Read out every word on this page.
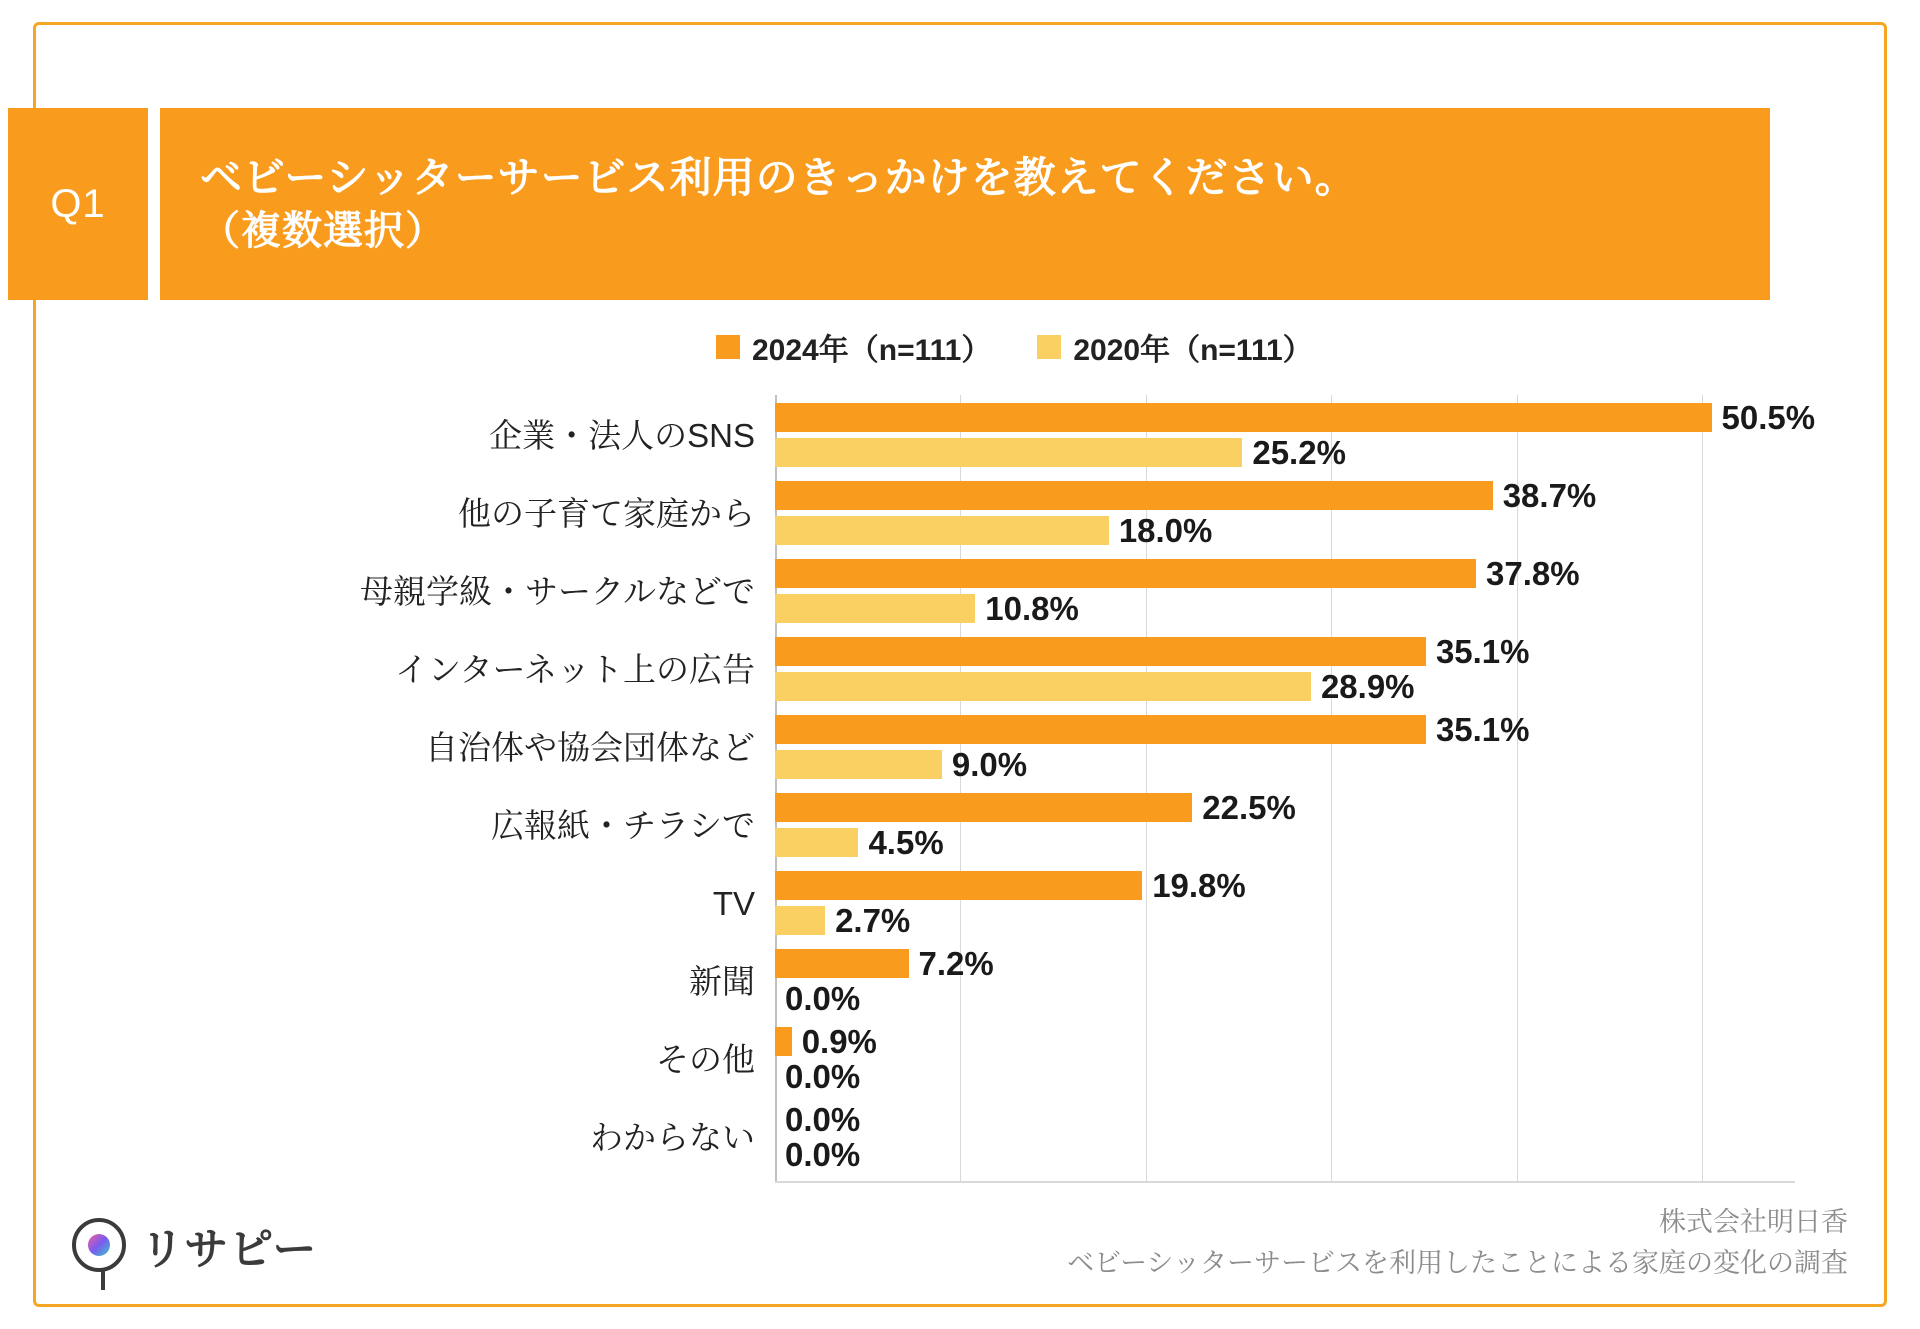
Q1
ベビーシッターサービス利用のきっかけを教えてください。
（複数選択）
2024年（n=111）	2020年（n=111）
企業・法人のSNS	50.5%
25.2%
他の子育て家庭から	38.7%
18.0%
母親学級・サークルなどで	37.8%
10.8%
インターネット上の広告	35.1%
28.9%
自治体や協会団体など	35.1%
9.0%
広報紙・チラシで	22.5%
4.5%
TV	19.8%
2.7%
新聞	7.2%
0.0%
その他 0.9%
0.0%
わからない 0.0%
0.0%
リサピー
株式会社明日香
ベビーシッターサービスを利用したことによる家庭の変化の調査
